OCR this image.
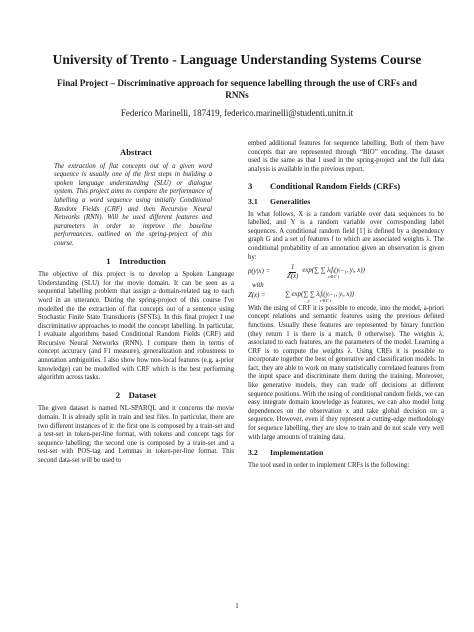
University of Trento - Language Understanding Systems Course
Final Project – Discriminative approach for sequence labelling through the use of CRFs and RNNs
Federico Marinelli, 187419, federico.marinelli@studenti.unitn.it
Abstract

The extraction of flat concepts out of a given word sequence is usually one of the first steps in building a spoken language understanding (SLU) or dialogue system. This project aims to compare the performance of labelling a word sequence using initially Conditional Random Fields (CRF) and then Recursive Neural Networks (RNN). Will be used different features and parameters in order to improve the baseline performances, outlined on the spring-project of this course.

1 Introduction

The objective of this project is to develop a Spoken Language Understanding (SLU) for the movie domain. It can be seen as a sequential labelling problem that assign a domain-related tag to each word in an utterance. During the spring-project of this course I've modelled the the extraction of flat concepts out of a sentence using Stochastic Finite State Transducers (SFSTs). In this final project I use discriminative approaches to model the concept labelling. In particular, I evaluate algorithms based Conditional Random Fields (CRF) and Recursive Neural Networks (RNN). I compare them in terms of concept accuracy (and F1 measure), generalization and robustness to annotation ambiguities. I also show how non-local features (e.g. a-prior knowledge) can be modelled with CRF which is the best performing algorithm across tasks.

2 Dataset

The given dataset is named NL-SPARQL and it concerns the movie domain. It is already split in train and test files. In particular, there are two different instances of it: the first one is composed by a train-set and a test-set in token-per-line format, with tokens and concept tags for sequence labelling; the second one is composed by a train-set and a test-set with POS-tag and Lemmas in token-per-line format. This second data-set will be used to

embed additional features for sequence labelling. Both of them have concepts that are represented through “BIO” encoding. The dataset used is the same as that I used in the spring-project and the full data analysis is available in the previous report.

3 Conditional Random Fields (CRFs)
3.1 Generalities

In what follows, X is a random variable over data sequences to be labelled, and Y is a random variable over corresponding label sequences. A conditional random field [1] is defined by a dependency graph G and a set of features f to which are associated weights λ. The conditional probability of an annotation given an observation is given by:

p(y|x) =	$\frac{1}{Z(x)} \exp(\sum$ ∑ λᵢfᵢ(yᵢ₋₁, yᵢ, x))
c∈C i
with
Z(x) =	∑ exp(∑ ∑ λᵢfᵢ(yᵢ₋₁, yᵢ, x))
y c∈C i

With the using of CRF it is possible to encode, into the model, a-priori concept relations and semantic features using the previous defined functions. Usually these features are represented by binary function (they return 1 is there is a match, 0 otherwise). The weights λ, associated to each features, are the parameters of the model. Learning a CRF is to compute the weights λ. Using CRFs it is possible to incorporate together the best of generative and classification models. In fact, they are able to work on many statistically correlated features from the input space and discriminate them during the training. Moreover, like generative models, they can trade off decisions at different sequence positions. With the using of conditional random fields, we can easy integrate domain knowledge as features, we can also model long dependences on the observation x and take global decision on a sequence. However, even if they represent a cutting-edge methodology for sequence labelling, they are slow to train and do not scale very well with large amounts of training data.

3.2 Implementation

The tool used in order to implement CRFs is the following:

1
